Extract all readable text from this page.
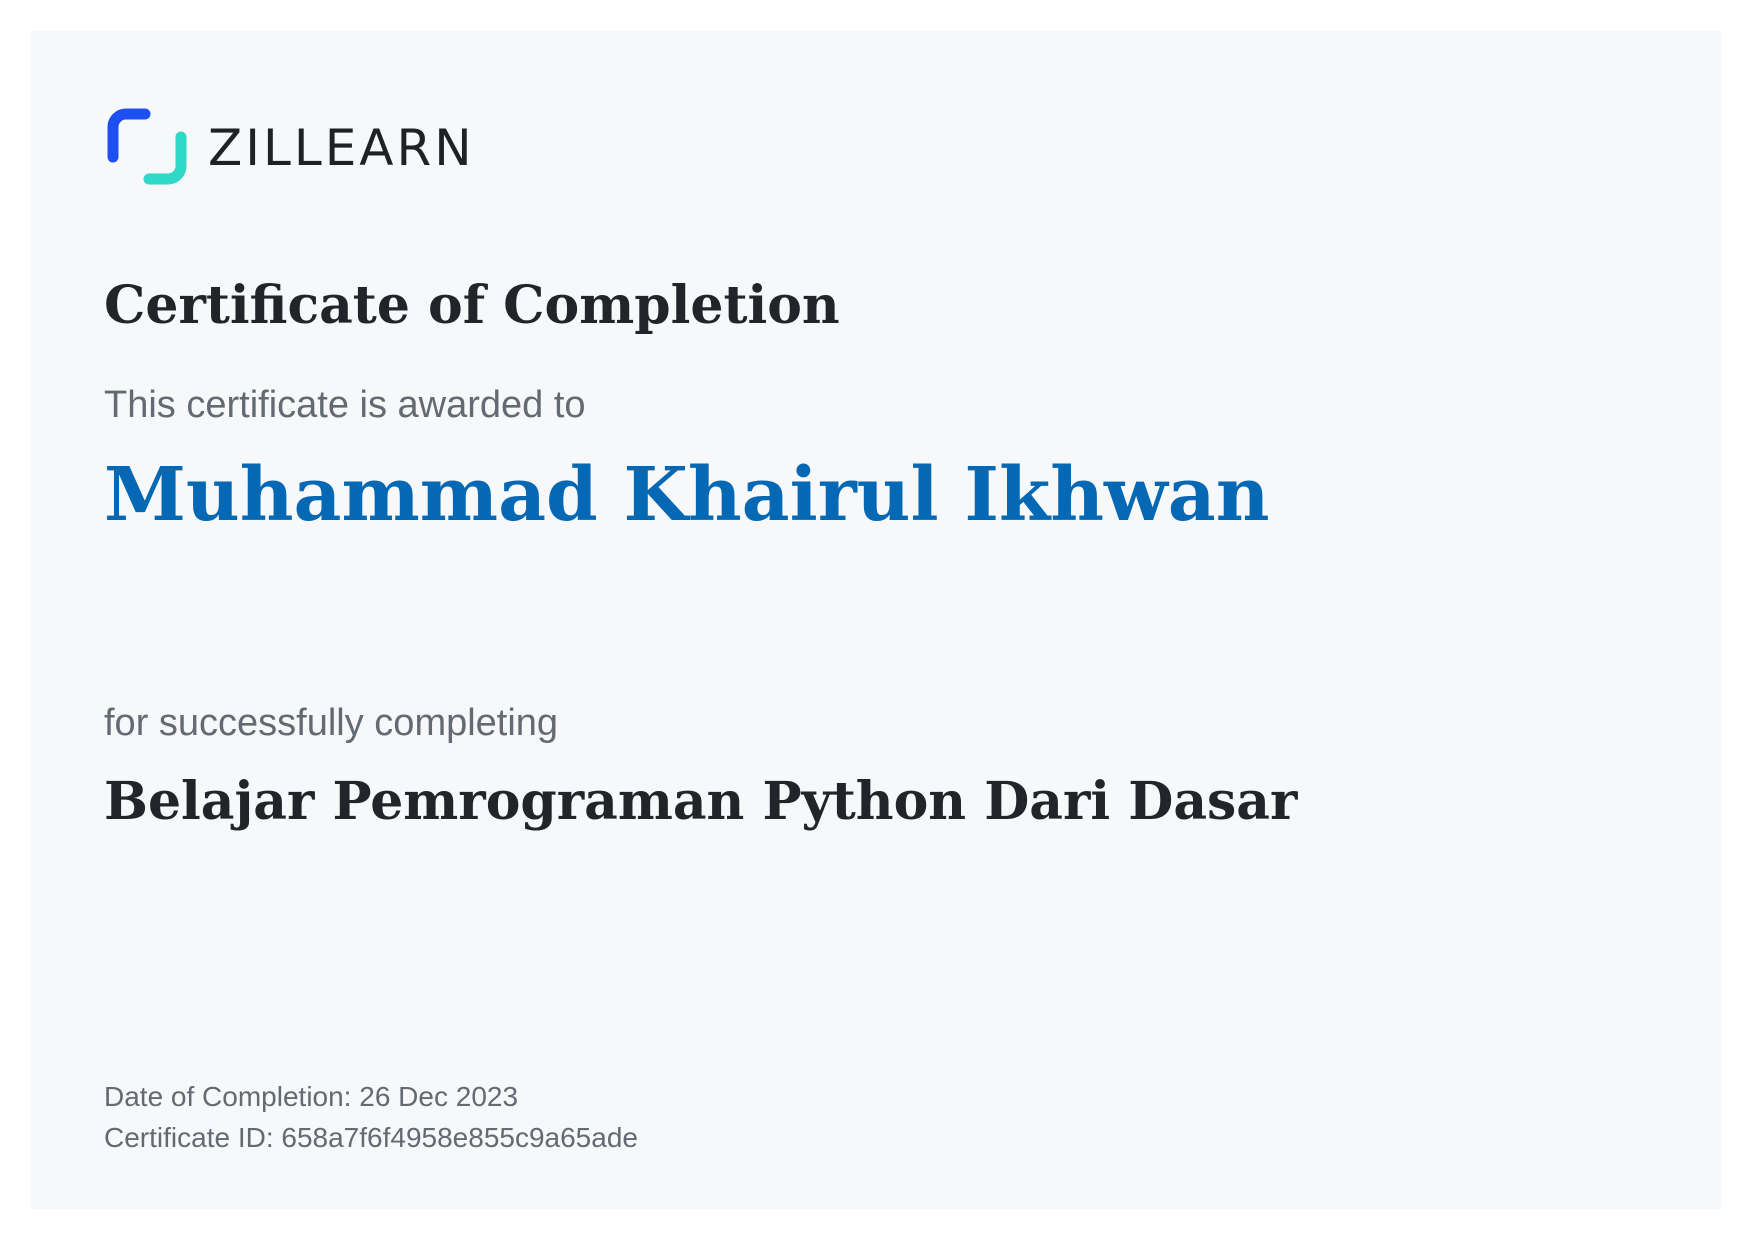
ZILLEARN
Certificate of Completion
This certificate is awarded to
Muhammad Khairul Ikhwan
for successfully completing
Belajar Pemrograman Python Dari Dasar
Date of Completion: 26 Dec 2023
Certificate ID: 658a7f6f4958e855c9a65ade
